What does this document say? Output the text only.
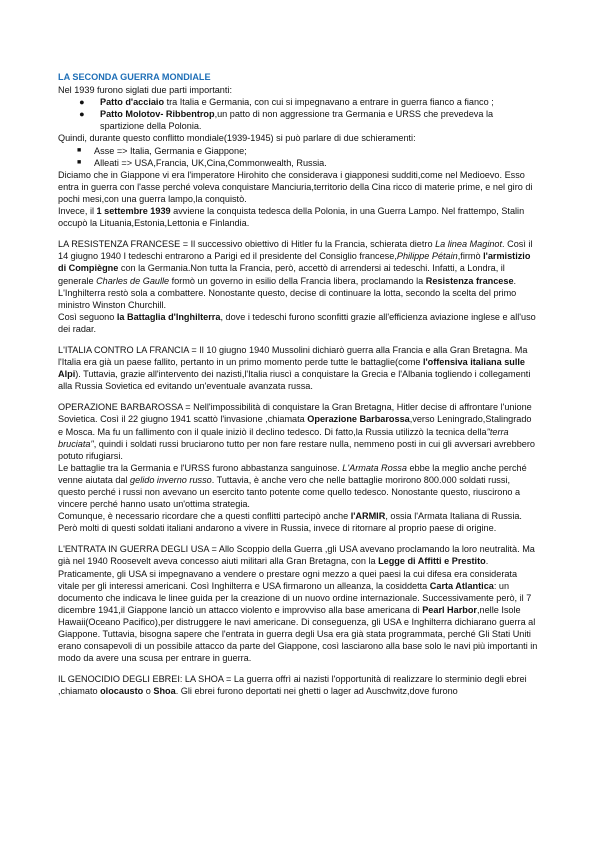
LA SECONDA GUERRA MONDIALE

Nel 1939 furono siglati due parti importanti:

● Patto d'acciaio tra Italia e Germania, con cui si impegnavano a entrare in guerra fianco a fianco ;
● Patto Molotov- Ribbentrop,un patto di non aggressione tra Germania e URSS che prevedeva la spartizione della Polonia.

Quindi, durante questo conflitto mondiale(1939-1945) si può parlare di due schieramenti:

■ Asse => Italia, Germania e Giappone;
■ Alleati => USA,Francia, UK,Cina,Commonwealth, Russia.

Diciamo che in Giappone vi era l'imperatore Hirohito che considerava i giapponesi sudditi,come nel Medioevo. Esso entra in guerra con l'asse perché voleva conquistare Manciuria,territorio della Cina ricco di materie prime, e nel giro di pochi mesi,con una guerra lampo,la conquistò.

Invece, il 1 settembre 1939 avviene la conquista tedesca della Polonia, in una Guerra Lampo. Nel frattempo, Stalin occupò la Lituania,Estonia,Lettonia e Finlandia.

LA RESISTENZA FRANCESE = Il successivo obiettivo di Hitler fu la Francia, schierata dietro La linea Maginot. Così il 14 giugno 1940 I tedeschi entrarono a Parigi ed il presidente del Consiglio francese,Philippe Pétain,firmò l'armistizio di Compiègne con la Germania.Non tutta la Francia, però, accettò di arrendersi ai tedeschi. Infatti, a Londra, il generale Charles de Gaulle formò un governo in esilio della Francia libera, proclamando la Resistenza francese. L'Inghilterra restò sola a combattere. Nonostante questo, decise di continuare la lotta, secondo la scelta del primo ministro Winston Churchill.

Così seguono la Battaglia d'Inghilterra, dove i tedeschi furono sconfitti grazie all'efficienza aviazione inglese e all'uso dei radar.

L'ITALIA CONTRO LA FRANCIA = Il 10 giugno 1940 Mussolini dichiarò guerra alla Francia e alla Gran Bretagna. Ma l'Italia era già un paese fallito, pertanto in un primo momento perde tutte le battaglie(come l'offensiva italiana sulle Alpi). Tuttavia, grazie all'intervento dei nazisti,l'Italia riuscì a conquistare la Grecia e l'Albania togliendo i collegamenti alla Russia Sovietica ed evitando un'eventuale avanzata russa.

OPERAZIONE BARBAROSSA = Nell'impossibilità di conquistare la Gran Bretagna, Hitler decise di affrontare l'unione Sovietica. Così il 22 giugno 1941 scattò l'invasione ,chiamata Operazione Barbarossa,verso Leningrado,Stalingrado e Mosca. Ma fu un fallimento con il quale iniziò il declino tedesco. Di fatto,la Russia utilizzò la tecnica della"terra bruciata", quindi i soldati russi bruciarono tutto per non fare restare nulla, nemmeno posti in cui gli avversari avrebbero potuto rifugiarsi.

Le battaglie tra la Germania e l'URSS furono abbastanza sanguinose. L'Armata Rossa ebbe la meglio anche perché venne aiutata dal gelido inverno russo. Tuttavia, è anche vero che nelle battaglie morirono 800.000 soldati russi, questo perché i russi non avevano un esercito tanto potente come quello tedesco. Nonostante questo, riuscirono a vincere perché hanno usato un'ottima strategia.

Comunque, è necessario ricordare che a questi conflitti partecipò anche l'ARMIR, ossia l'Armata Italiana di Russia. Però molti di questi soldati italiani andarono a vivere in Russia, invece di ritornare al proprio paese di origine.

L'ENTRATA IN GUERRA DEGLI USA = Allo Scoppio della Guerra ,gli USA avevano proclamando la loro neutralità. Ma già nel 1940 Roosevelt aveva concesso aiuti militari alla Gran Bretagna, con la Legge di Affitti e Prestito. Praticamente, gli USA si impegnavano a vendere o prestare ogni mezzo a quei paesi la cui difesa era considerata vitale per gli interessi americani. Così Inghilterra e USA firmarono un alleanza, la cosiddetta Carta Atlantica: un documento che indicava le linee guida per la creazione di un nuovo ordine internazionale. Successivamente però, il 7 dicembre 1941,il Giappone lanciò un attacco violento e improvviso alla base americana di Pearl Harbor,nelle Isole Hawaii(Oceano Pacifico),per distruggere le navi americane. Di conseguenza, gli USA e Inghilterra dichiarano guerra al Giappone. Tuttavia, bisogna sapere che l'entrata in guerra degli Usa era già stata programmata, perché Gli Stati Uniti erano consapevoli di un possibile attacco da parte del Giappone, così lasciarono alla base solo le navi più importanti in modo da avere una scusa per entrare in guerra.

IL GENOCIDIO DEGLI EBREI: LA SHOA = La guerra offrì ai nazisti l'opportunità di realizzare lo sterminio degli ebrei ,chiamato olocausto o Shoa. Gli ebrei furono deportati nei ghetti o lager ad Auschwitz,dove furono
